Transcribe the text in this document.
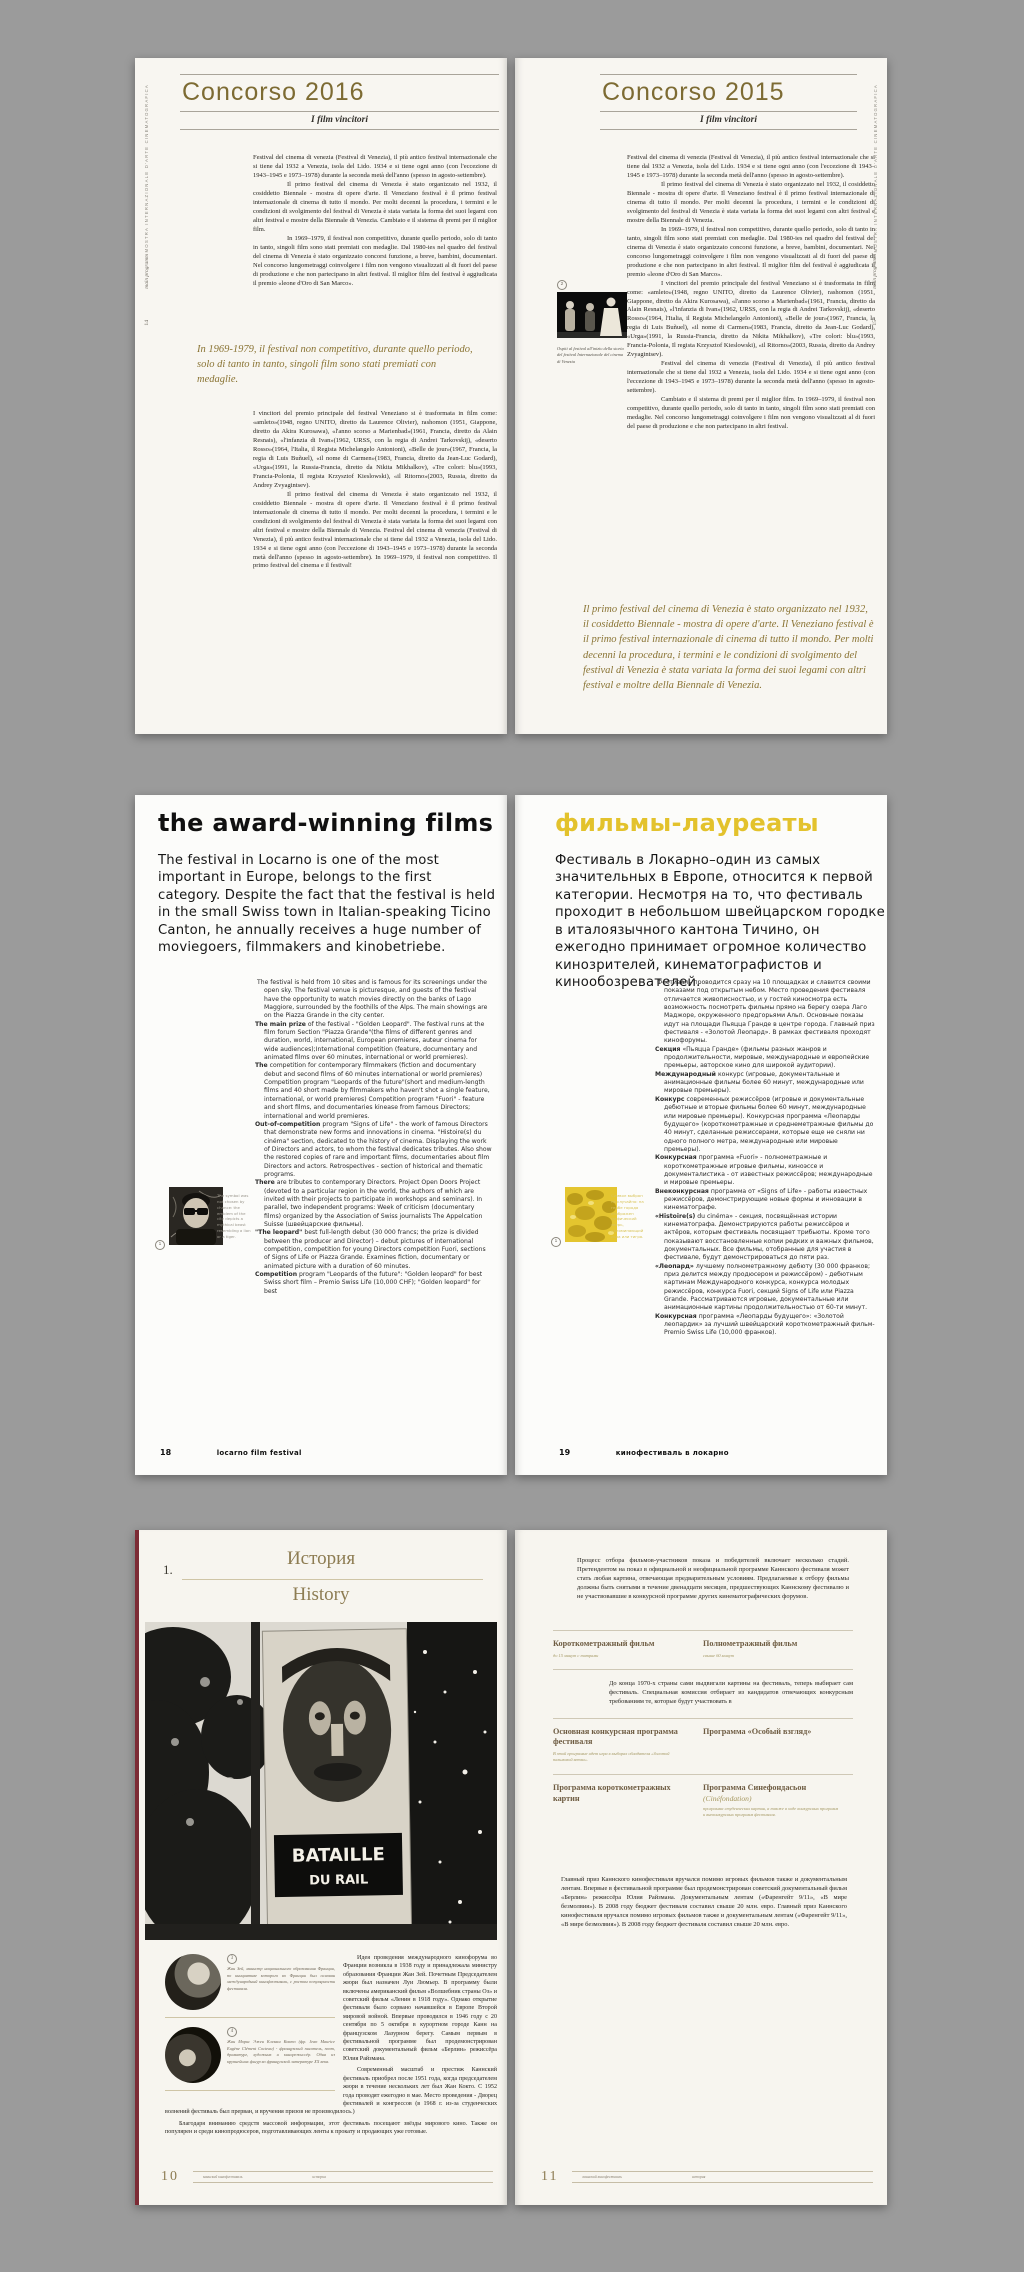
MOSTRA INTERNAZIONALE D'ARTE CINEMATOGRAFICA
main programm
14
Concorso 2016
I film vincitori

Festival del cinema di venezia (Festival di Venezia), il più antico festival internazionale che si tiene dal 1932 a Venezia, isola del Lido. 1934 e si tiene ogni anno (con l'eccezione di 1943–1945 e 1973–1978) durante la seconda metà dell'anno (spesso in agosto-settembre).

Il primo festival del cinema di Venezia è stato organizzato nel 1932, il cosiddetto Biennale - mostra di opere d'arte. Il Veneziano festival è il primo festival internazionale di cinema di tutto il mondo. Per molti decenni la procedura, i termini e le condizioni di svolgimento del festival di Venezia è stata variata la forma dei suoi legami con altri festival e mostre della Biennale di Venezia. Cambiato e il sistema di premi per il miglior film.

In 1969–1979, il festival non competitivo, durante quello periodo, solo di tanto in tanto, singoli film sono stati premiati con medaglie. Dal 1980-ies nel quadro del festival del cinema di Venezia è stato organizzato concorsi funzione, a breve, bambini, documentari. Nel concorso lungometraggi coinvolgere i film non vengono visualizzati al di fuori del paese di produzione e che non partecipano in altri festival. Il miglior film del festival è aggiudicata il premio «leone d'Oro di San Marco».

In 1969-1979, il festival non competitivo, durante quello periodo, solo di tanto in tanto, singoli film sono stati premiati con medaglie.

I vincitori del premio principale del festival Veneziano si è trasformata in film come: «amleto»(1948, regno UNITO, diretto da Laurence Olivier), rashomon (1951, Giappone, diretto da Akira Kurosawa), «l'anno scorso a Marienbad»(1961, Francia, diretto da Alain Resnais), «l'infanzia di Ivan»(1962, URSS, con la regia di Andrei Tarkovskij), «deserto Rosso»(1964, l'Italia, il Regista Michelangelo Antonioni), «Belle de jour»(1967, Francia, la regia di Luis Buñuel), «il nome di Carmen»(1983, Francia, diretto da Jean-Luc Godard), «Urga»(1991, la Russia-Francia, diretto da Nikita Mikhalkov), «Tre colori: blu»(1993, Francia-Polonia, Il regista Krzysztof Kieslowski), «il Ritorno»(2003, Russia, diretto da Andrey Zvyagintsev).

Il primo festival del cinema di Venezia è stato organizzato nel 1932, il cosiddetto Biennale - mostra di opere d'arte. Il Veneziano festival è il primo festival internazionale di cinema di tutto il mondo. Per molti decenni la procedura, i termini e le condizioni di svolgimento del festival di Venezia è stata variata la forma dei suoi legami con altri festival e mostre della Biennale di Venezia. Festival del cinema di venezia (Festival di Venezia), il più antico festival internazionale che si tiene dal 1932 a Venezia, isola del Lido. 1934 e si tiene ogni anno (con l'eccezione di 1943–1945 e 1973–1978) durante la seconda metà dell'anno (spesso in agosto-settembre). In 1969–1979, il festival non competitivo. Il primo festival del cinema e il festival!

Concorso 2015
I film vincitori
2
Ospiti al festival all'inizio della storia del festival Internazionale del cinema di Venezia

Festival del cinema di venezia (Festival di Venezia), il più antico festival internazionale che si tiene dal 1932 a Venezia, isola del Lido. 1934 e si tiene ogni anno (con l'eccezione di 1943–1945 e 1973–1978) durante la seconda metà dell'anno (spesso in agosto-settembre).

Il primo festival del cinema di Venezia è stato organizzato nel 1932, il cosiddetto Biennale - mostra di opere d'arte. Il Veneziano festival è il primo festival internazionale di cinema di tutto il mondo. Per molti decenni la procedura, i termini e le condizioni di svolgimento del festival di Venezia è stata variata la forma dei suoi legami con altri festival e mostre della Biennale di Venezia.

In 1969–1979, il festival non competitivo, durante quello periodo, solo di tanto in tanto, singoli film sono stati premiati con medaglie. Dal 1980-ies nel quadro del festival del cinema di Venezia è stato organizzato concorsi funzione, a breve, bambini, documentari. Nel concorso lungometraggi coinvolgere i film non vengono visualizzati al di fuori del paese di produzione e che non partecipano in altri festival. Il miglior film del festival è aggiudicata il premio «leone d'Oro di San Marco».

I vincitori del premio principale del festival Veneziano si è trasformata in film come: «amleto»(1948, regno UNITO, diretto da Laurence Olivier), rashomon (1951, Giappone, diretto da Akira Kurosawa), «l'anno scorso a Marienbad»(1961, Francia, diretto da Alain Resnais), «l'infanzia di Ivan»(1962, URSS, con la regia di Andrei Tarkovskij), «deserto Rosso»(1964, l'Italia, il Regista Michelangelo Antonioni), «Belle de jour»(1967, Francia, la regia di Luis Buñuel), «il nome di Carmen»(1983, Francia, diretto da Jean-Luc Godard), «Urga»(1991, la Russia-Francia, diretto da Nikita Mikhalkov), «Tre colori: blu»(1993, Francia-Polonia, Il regista Krzysztof Kieslowski), «il Ritorno»(2003, Russia, diretto da Andrey Zvyagintsev).

Festival del cinema di venezia (Festival di Venezia), il più antico festival internazionale che si tiene dal 1932 a Venezia, isola del Lido. 1934 e si tiene ogni anno (con l'eccezione di 1943–1945 e 1973–1978) durante la seconda metà dell'anno (spesso in agosto-settembre).

Cambiato e il sistema di premi per il miglior film. In 1969–1979, il festival non competitivo, durante quello periodo, solo di tanto in tanto, singoli film sono stati premiati con medaglie. Nel concorso lungometraggi coinvolgere i film non vengono visualizzati al di fuori del paese di produzione e che non partecipano in altri festival.

Il primo festival del cinema di Venezia è stato organizzato nel 1932, il cosiddetto Biennale - mostra di opere d'arte. Il Veneziano festival è il primo festival internazionale di cinema di tutto il mondo. Per molti decenni la procedura, i termini e le condizioni di svolgimento del festival di Venezia è stata variata la forma dei suoi legami con altri festival e moltre della Biennale di Venezia.
MOSTRA INTERNAZIONALE D'ARTE CINEMATOGRAFICA
main programm
15
the award-winning films
The festival in Locarno is one of the most important in Europe, belongs to the first category. Despite the fact that the festival is held in the small Swiss town in Italian-speaking Ticino Canton, he annually receives a huge number of moviegoers, filmmakers and kinobetriebe.

The festival is held from 10 sites and is famous for its screenings under the open sky. The festival venue is picturesque, and guests of the festival have the opportunity to watch movies directly on the banks of Lago Maggiore, surrounded by the foothills of the Alps. The main showings are on the Piazza Grande in the city center.

The main prize of the festival - "Golden Leopard". The festival runs at the film forum Section "Piazza Grande"(the films of different genres and duration, world, international, European premieres, auteur cinema for wide audiences);International competition (feature, documentary and animated films over 60 minutes, international or world premieres).

The competition for contemporary filmmakers (fiction and documentary debut and second films of 60 minutes international or world premieres) Competition program "Leopards of the future"(short and medium-length films and 40 short made by filmmakers who haven't shot a single feature, international, or world premieres) Competition program "Fuori" - feature and short films, and documentaries kinease from famous Directors; international and world premieres.

Out-of-competition program "Signs of Life" - the work of famous Directors that demonstrate new forms and innovations in cinema. "Histoire(s) du cinéma" section, dedicated to the history of cinema. Displaying the work of Directors and actors, to whom the festival dedicates tributes. Also show the restored copies of rare and important films, documentaries about film Directors and actors. Retrospectives - section of historical and thematic programs.

There are tributes to contemporary Directors. Project Open Doors Project (devoted to a particular region in the world, the authors of which are invited with their projects to participate in workshops and seminars). In parallel, two independent programs: Week of criticism (documentary films) organized by the Association of Swiss journalists The Appelcation Suisse (швейцарские фильмы).

"The leopard" best full-length debut (30 000 francs; the prize is divided between the producer and Director) – debut pictures of international competition, competition for young Directors competition Fuori, sections of Signs of Life or Piazza Grande. Examines fiction, documentary or animated picture with a duration of 60 minutes.

Competition program "Leopards of the future": "Golden leopard" for best Swiss short film – Premio Swiss Life (10,000 CHF); "Golden leopard" for best

1
The symbol was not chosen by chance: the emblem of the city depicts a mythical beast resembling a lion or a tiger.
18	locarno film festival
фильмы-лауреаты
Фестиваль в Локарно–один из самых значительных в Европе, относится к первой категории. Несмотря на то, что фестиваль проходит в небольшом швейцарском городке в италоязычного кантона Тичино, он ежегодно принимает огромное количество кинозрителей, кинематографистов и кинообозревателей.

Фестиваль проводится сразу на 10 площадках и славится своими показами под открытым небом. Место проведения фестиваля отличается живописностью, и у гостей киносмотра есть возможность посмотреть фильмы прямо на берегу озера Лаго Маджоре, окруженного предгорьями Альп. Основные показы идут на площади Пьяцца Гранде в центре города. Главный приз фестиваля - «Золотой Леопард». В рамках фестиваля проходят кинофорумы.

Секция «Пьяцца Гранде» (фильмы разных жанров и продолжительности, мировые, международные и европейские премьеры, авторское кино для широкой аудитории).

Международный конкурс (игровые, документальные и анимационные фильмы более 60 минут, международные или мировые премьеры).

Конкурс современных режиссёров (игровые и документальные дебютные и вторые фильмы более 60 минут, международные или мировые премьеры). Конкурсная программа «Леопарды будущего» (короткометражные и среднеметражные фильмы до 40 минут, сделанные режиссерами, которые еще не сняли ни одного полного метра, международные или мировые премьеры).

Конкурсная программа «Fuori» - полнометражные и короткометражные игровые фильмы, киноэссе и документалистика - от известных режиссёров; международные и мировые премьеры.

Внеконкурсная программа от «Signs of Life» - работы известных режиссёров, демонстрирующие новые формы и инновации в кинематографе.

«Histoire(s) du cinéma» - секция, посвящённая истории кинематографа. Демонстрируются работы режиссёров и актёров, которым фестиваль посвящает трибьюты. Кроме того показывают восстановленные копии редких и важных фильмов, документальных. Все фильмы, отобранные для участия в фестивале, будут демонстрироваться до пяти раз.

«Леопард» лучшему полнометражному дебюту (30 000 франков; приз делится между продюсером и режиссёром) - дебютным картинам Международного конкурса, конкурса молодых режиссёров, конкурса Fuori, секций Signs of Life или Piazza Grande. Рассматриваются игровые, документальные или анимационные картины продолжительностью от 60-ти минут.

Конкурсная программа «Леопарды будущего»: «Золотой леопардик» за лучший швейцарский короткометражный фильм- Premio Swiss Life (10,000 франков).

1
Символ выбран не случайно: на гербе города изображен мифический зверь, напоминающий льва или тигра.
19	кинофестиваль в локарно
1.
История
History
BATAILLE
DU RAIL
3
Жан Зей, министр национального образования Франции, по инициативе которого во Франции был основан международный кинофестиваль, с ростом популярности фестиваля.
4
Жан Морис Эжен Клеман Кокто (фр. Jean Maurice Eugène Clément Cocteau) - французский писатель, поэт, драматург, художник и кинорежиссёр. Одна из крупнейших фигур во французской литературе XX века.

Идея проведения международного кинофорума во Франции возникла в 1938 году и принадлежала министру образования Франции Жан Зей. Почетным Председателем жюри был назначен Луи Люмьер. В программу были включены американский фильм «Волшебник страны Оз» и советский фильм «Ленин в 1918 году». Однако открытие фестиваля было сорвано начавшейся в Европе Второй мировой войной. Впервые проводился в 1946 году с 20 сентября по 5 октября в курортном городе Канн на французском Лазурном берегу. Самым первым в фестивальной программе был продемонстрирован советский документальный фильм «Берлин» режиссёра Юлия Райзмана.

Современный масштаб и престиж Каннский фестиваль приобрел после 1951 года, когда председателем жюри в течение нескольких лет был Жан Кокто. С 1952 года проводят ежегодно в мае. Место проведения - Дворец фестивалей и конгрессов (в 1968 г. из-за студенческих волнений фестиваль был прерван, и вручения призов не производилось.)

Благодаря вниманию средств массовой информации, этот фестиваль посещают звёзды мирового кино. Также он популярен и среди кинопродюсеров, подготавливающих ленты к прокату и продающих уже готовые.

10	каннский кинофестиваль	история
Процесс отбора фильмов-участников показа и победителей включает несколько стадий. Претендентом на показ в официальной и неофициальной программе Каннского фестиваля может стать любая картина, отвечающая предварительным условиям. Предлагаемые к отбору фильмы должны быть снятыми в течение двенадцати месяцев, предшествующих Каннскому фестивалю и не участвовавшие в конкурсной программе других кинематографических форумов.
Короткометражный фильм
до 15 минут с титрами
Полнометражный фильм
свыше 60 минут
До конца 1970-х страны сами выдвигали картины на фестиваль, теперь выбирает сам фестиваль. Специальная комиссия отбирает из кандидатов отвечающих конкурсным требованиям те, которые будут участвовать в
Основная конкурсная программа фестиваля
В этой программе идет игра в выборах обладателя «Золотой пальмовой ветви».
Программа «Особый взгляд»
Программа короткометражных картин
Программа Синефондасьон
(Cinéfondation)
программа студенческих картин, а также в ходе конкурсных программ и внеконкурсных программ фестиваля.
Главный приз Каннского кинофестиваля вручался помимо игровых фильмов также и документальным лентам. Впервые в фестивальной программе был продемонстрирован советский документальный фильм «Берлин» режиссёра Юлия Райзмана. Документальным лентам («Фаренгейт 9/11», «В мире безмолвия»). В 2008 году бюджет фестиваля составил свыше 20 млн. евро. Главный приз Каннского кинофестиваля вручался помимо игровых фильмов также и документальным лентам («Фаренгейт 9/11», «В мире безмолвия»). В 2008 году бюджет фестиваля составил свыше 20 млн. евро.
11	каннский кинофестиваль	история
